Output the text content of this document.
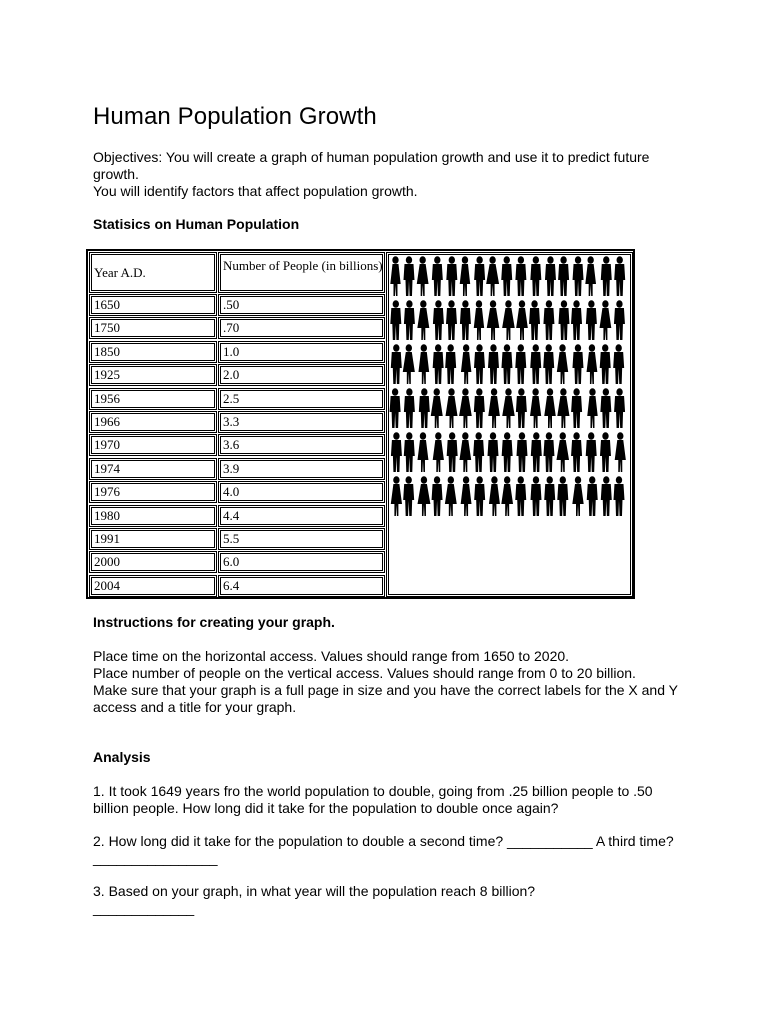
Human Population Growth

Objectives: You will create a graph of human population growth and use it to predict future growth.
You will identify factors that affect population growth.

Statisics on Human Population

Year A.D.	Number of People (in billions)
1650	.50
1750	.70
1850	1.0
1925	2.0
1956	2.5
1966	3.3
1970	3.6
1974	3.9
1976	4.0
1980	4.4
1991	5.5
2000	6.0
2004	6.4

Instructions for creating your graph.

Place time on the horizontal access. Values should range from 1650 to 2020.
Place number of people on the vertical access. Values should range from 0 to 20 billion.
Make sure that your graph is a full page in size and you have the correct labels for the X and Y access and a title for your graph.

Analysis

1. It took 1649 years fro the world population to double, going from .25 billion people to .50 billion people. How long did it take for the population to double once again?

2. How long did it take for the population to double a second time? ___________ A third time? ________________

3. Based on your graph, in what year will the population reach 8 billion?
_____________
